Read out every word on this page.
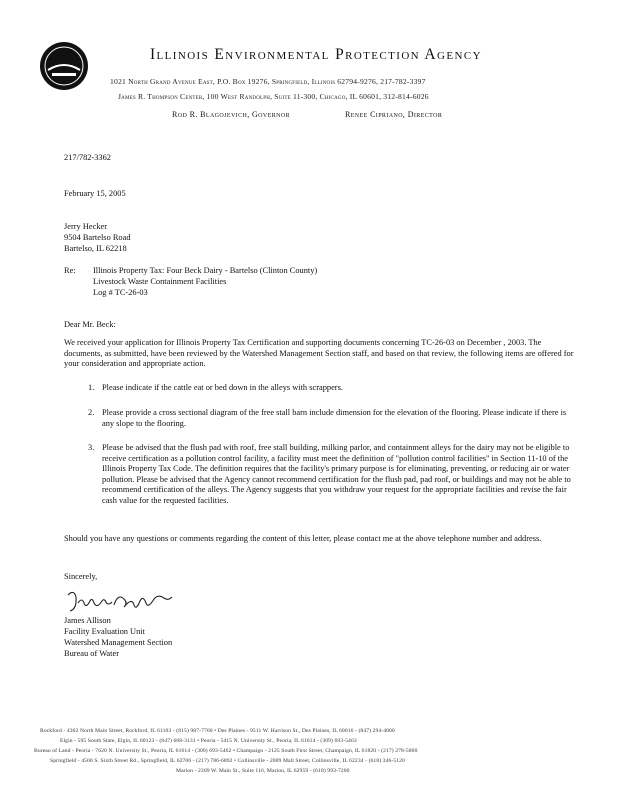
Illinois Environmental Protection Agency
1021 North Grand Avenue East, P.O. Box 19276, Springfield, Illinois 62794-9276, 217-782-3397
James R. Thompson Center, 100 West Randolph, Suite 11-300, Chicago, IL 60601, 312-814-6026
Rod R. Blagojevich, Governor	Renee Cipriano, Director
217/782-3362
February 15, 2005
Jerry Hecker
9504 Bartelso Road
Bartelso, IL 62218
Re: Illinois Property Tax: Four Beck Dairy - Bartelso (Clinton County)
Livestock Waste Containment Facilities
Log # TC-26-03
Dear Mr. Beck:
We received your application for Illinois Property Tax Certification and supporting documents concerning TC-26-03 on December , 2003. The documents, as submitted, have been reviewed by the Watershed Management Section staff, and based on that review, the following items are offered for your consideration and appropriate action.
1. Please indicate if the cattle eat or bed down in the alleys with scrappers.
2. Please provide a cross sectional diagram of the free stall barn include dimension for the elevation of the flooring. Please indicate if there is any slope to the flooring.
3. Please be advised that the flush pad with roof, free stall building, milking parlor, and containment alleys for the dairy may not be eligible to receive certification as a pollution control facility, a facility must meet the definition of "pollution control facilities" in Section 11-10 of the Illinois Property Tax Code. The definition requires that the facility's primary purpose is for eliminating, preventing, or reducing air or water pollution. Please be advised that the Agency cannot recommend certification for the flush pad, pad roof, or buildings and may not be able to recommend certification of the alleys. The Agency suggests that you withdraw your request for the appropriate facilities and revise the fair cash value for the requested facilities.
Should you have any questions or comments regarding the content of this letter, please contact me at the above telephone number and address.
Sincerely,
James Allison
Facility Evaluation Unit
Watershed Management Section
Bureau of Water
Rockford - 4302 North Main Street, Rockford, IL 61103 - (815) 987-7760 • Des Plaines - 9511 W. Harrison St., Des Plaines, IL 60016 - (847) 294-4000
Elgin - 595 South State, Elgin, IL 60123 - (847) 608-3131 • Peoria - 5415 N. University St., Peoria, IL 61614 - (309) 693-5463
Bureau of Land - Peoria - 7620 N. University St., Peoria, IL 61614 - (309) 693-5462 • Champaign - 2125 South First Street, Champaign, IL 61820 - (217) 278-5800
Springfield - 4500 S. Sixth Street Rd., Springfield, IL 62706 - (217) 786-6892 • Collinsville - 2009 Mall Street, Collinsville, IL 62234 - (618) 346-5120
Marion - 2309 W. Main St., Suite 116, Marion, IL 62959 - (618) 993-7200
